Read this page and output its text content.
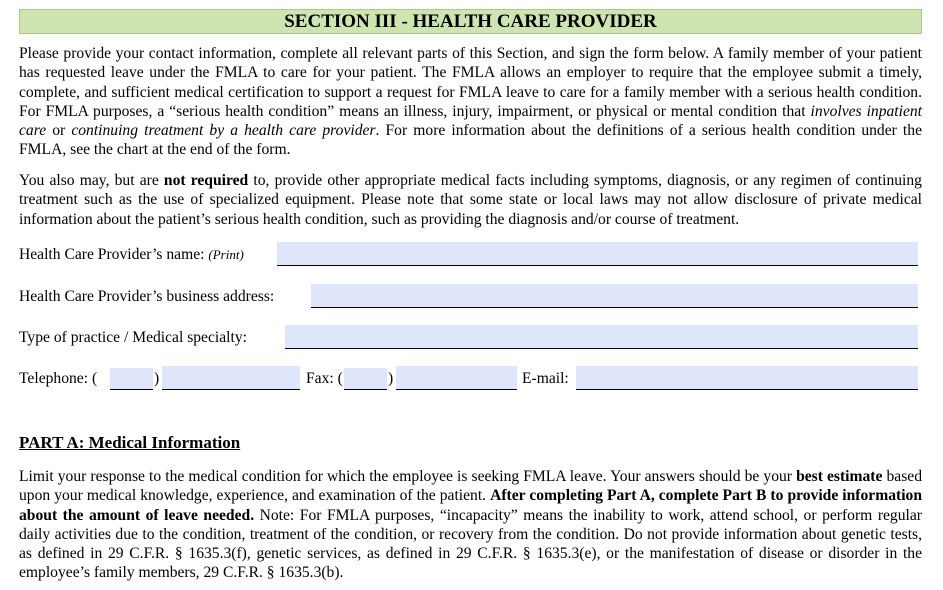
SECTION III - HEALTH CARE PROVIDER
Please provide your contact information, complete all relevant parts of this Section, and sign the form below. A family member of your patient has requested leave under the FMLA to care for your patient. The FMLA allows an employer to require that the employee submit a timely, complete, and sufficient medical certification to support a request for FMLA leave to care for a family member with a serious health condition. For FMLA purposes, a “serious health condition” means an illness, injury, impairment, or physical or mental condition that involves inpatient care or continuing treatment by a health care provider. For more information about the definitions of a serious health condition under the FMLA, see the chart at the end of the form.
You also may, but are not required to, provide other appropriate medical facts including symptoms, diagnosis, or any regimen of continuing treatment such as the use of specialized equipment. Please note that some state or local laws may not allow disclosure of private medical information about the patient’s serious health condition, such as providing the diagnosis and/or course of treatment.
Health Care Provider’s name: (Print)
Health Care Provider’s business address:
Type of practice / Medical specialty:
Telephone: (	)	Fax: (	)	E-mail:
PART A: Medical Information
Limit your response to the medical condition for which the employee is seeking FMLA leave. Your answers should be your best estimate based upon your medical knowledge, experience, and examination of the patient. After completing Part A, complete Part B to provide information about the amount of leave needed. Note: For FMLA purposes, “incapacity” means the inability to work, attend school, or perform regular daily activities due to the condition, treatment of the condition, or recovery from the condition. Do not provide information about genetic tests, as defined in 29 C.F.R. § 1635.3(f), genetic services, as defined in 29 C.F.R. § 1635.3(e), or the manifestation of disease or disorder in the employee’s family members, 29 C.F.R. § 1635.3(b).
